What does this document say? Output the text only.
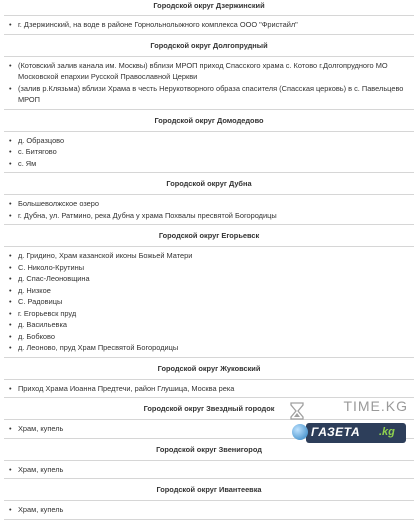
Городской округ Дзержинский
• г. Дзержинский, на воде в районе Горнольнолыжного комплекса ООО "Фристайл"
Городской округ Долгопрудный
• (Котовский залив канала им. Москвы) вблизи МРОП приход Спасского храма с. Котово г.Долгопрудного МО Московской епархии Русской Православной Церкви
• (залив р.Клязьма) вблизи Храма в честь Нерукотворного образа спасителя (Спасская церковь) в с. Павельцево МРОП
Городской округ Домодедово
• д. Образцово
• с. Битягово
• с. Ям
Городской округ Дубна
• Большеволжское озеро
• г. Дубна, ул. Ратмино, река Дубна у храма Похвалы пресвятой Богородицы
Городской округ Егорьевск
• д. Гридино, Храм казанской иконы Божьей Матери
• С. Николо-Крутины
• д. Спас-Леоновщина
• д. Низкое
• С. Радовицы
• г. Егорьевск пруд
• д. Васильевка
• д. Бобково
• д. Леоново, пруд Храм Пресвятой Богородицы
Городской округ Жуковский
• Приход Храма Иоанна Предтечи, район Глушица, Москва река
Городской округ Звездный городок
• Храм, купель
Городской округ Звенигород
• Храм, купель
Городской округ Ивантеевка
• Храм, купель
TIME.KG
ГАЗЕТА .kg
